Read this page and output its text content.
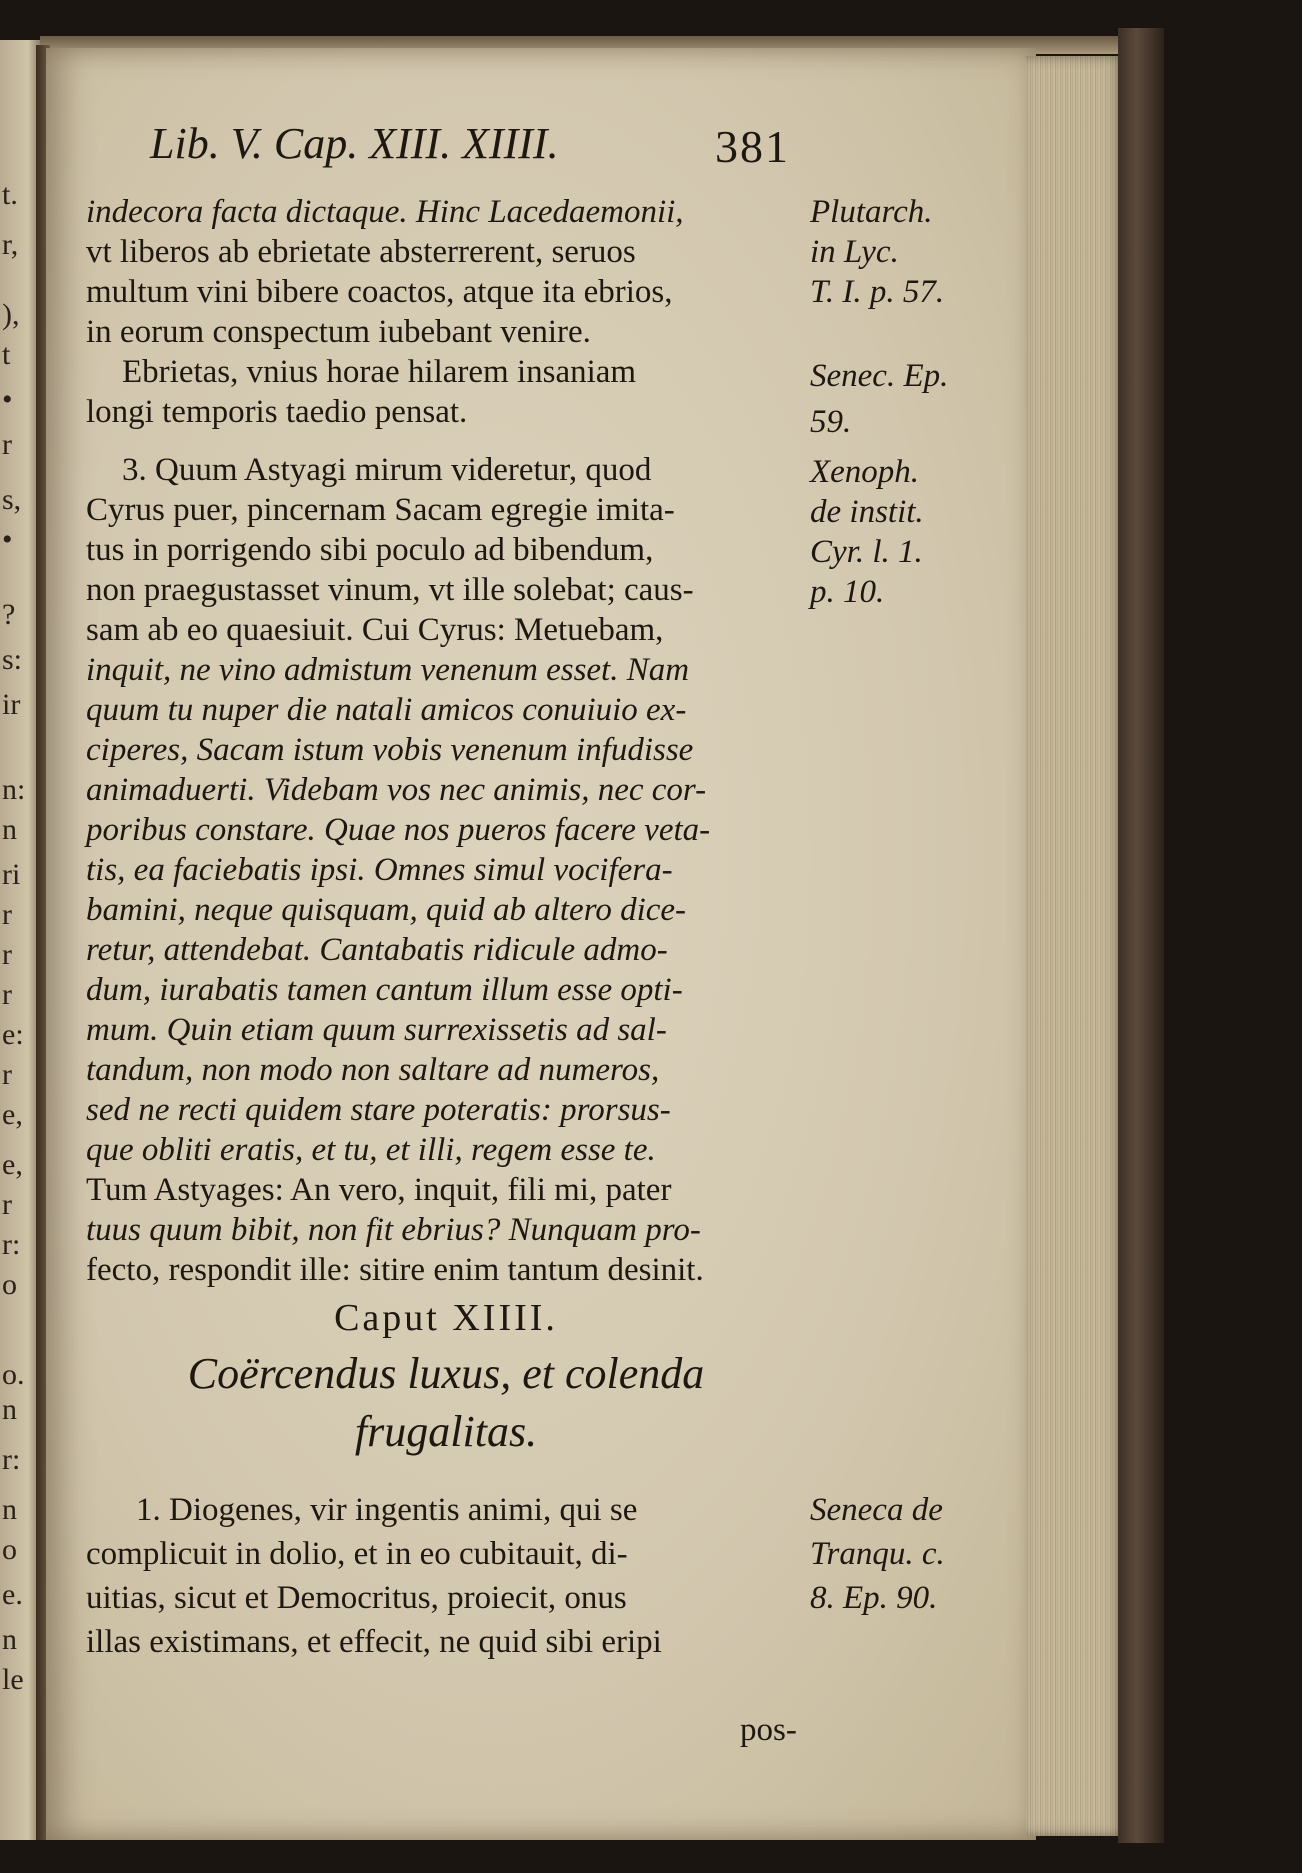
t.
r,
),
t
•
r
s,
•
?
s:
ir
n:
n
ri
r
r
r
e:
r
e,
e,
r
r:
o
o.
n
r:
n
o
e.
n
le
Lib. V. Cap. XIII. XIIII.	381
indecora facta dictaque. Hinc Lacedaemonii,
vt liberos ab ebrietate absterrerent, seruos
multum vini bibere coactos, atque ita ebrios,
in eorum conspectum iubebant venire.
Ebrietas, vnius horae hilarem insaniam
longi temporis taedio pensat.
3. Quum Astyagi mirum videretur, quod
Cyrus puer, pincernam Sacam egregie imita-
tus in porrigendo sibi poculo ad bibendum,
non praegustasset vinum, vt ille solebat; caus-
sam ab eo quaesiuit. Cui Cyrus: Metuebam,
inquit, ne vino admistum venenum esset. Nam
quum tu nuper die natali amicos conuiuio ex-
ciperes, Sacam istum vobis venenum infudisse
animaduerti. Videbam vos nec animis, nec cor-
poribus constare. Quae nos pueros facere veta-
tis, ea faciebatis ipsi. Omnes simul vocifera-
bamini, neque quisquam, quid ab altero dice-
retur, attendebat. Cantabatis ridicule admo-
dum, iurabatis tamen cantum illum esse opti-
mum. Quin etiam quum surrexissetis ad sal-
tandum, non modo non saltare ad numeros,
sed ne recti quidem stare poteratis: prorsus-
que obliti eratis, et tu, et illi, regem esse te.
Tum Astyages: An vero, inquit, fili mi, pater
tuus quum bibit, non fit ebrius? Nunquam pro-
fecto, respondit ille: sitire enim tantum desinit.
Caput XIIII.
Coërcendus luxus, et colenda
frugalitas.
1. Diogenes, vir ingentis animi, qui se
complicuit in dolio, et in eo cubitauit, di-
uitias, sicut et Democritus, proiecit, onus
illas existimans, et effecit, ne quid sibi eripi
pos-
Plutarch.
in Lyc.
T. I. p. 57.
Senec. Ep.
59.
Xenoph.
de instit.
Cyr. l. 1.
p. 10.
Seneca de
Tranqu. c.
8. Ep. 90.
